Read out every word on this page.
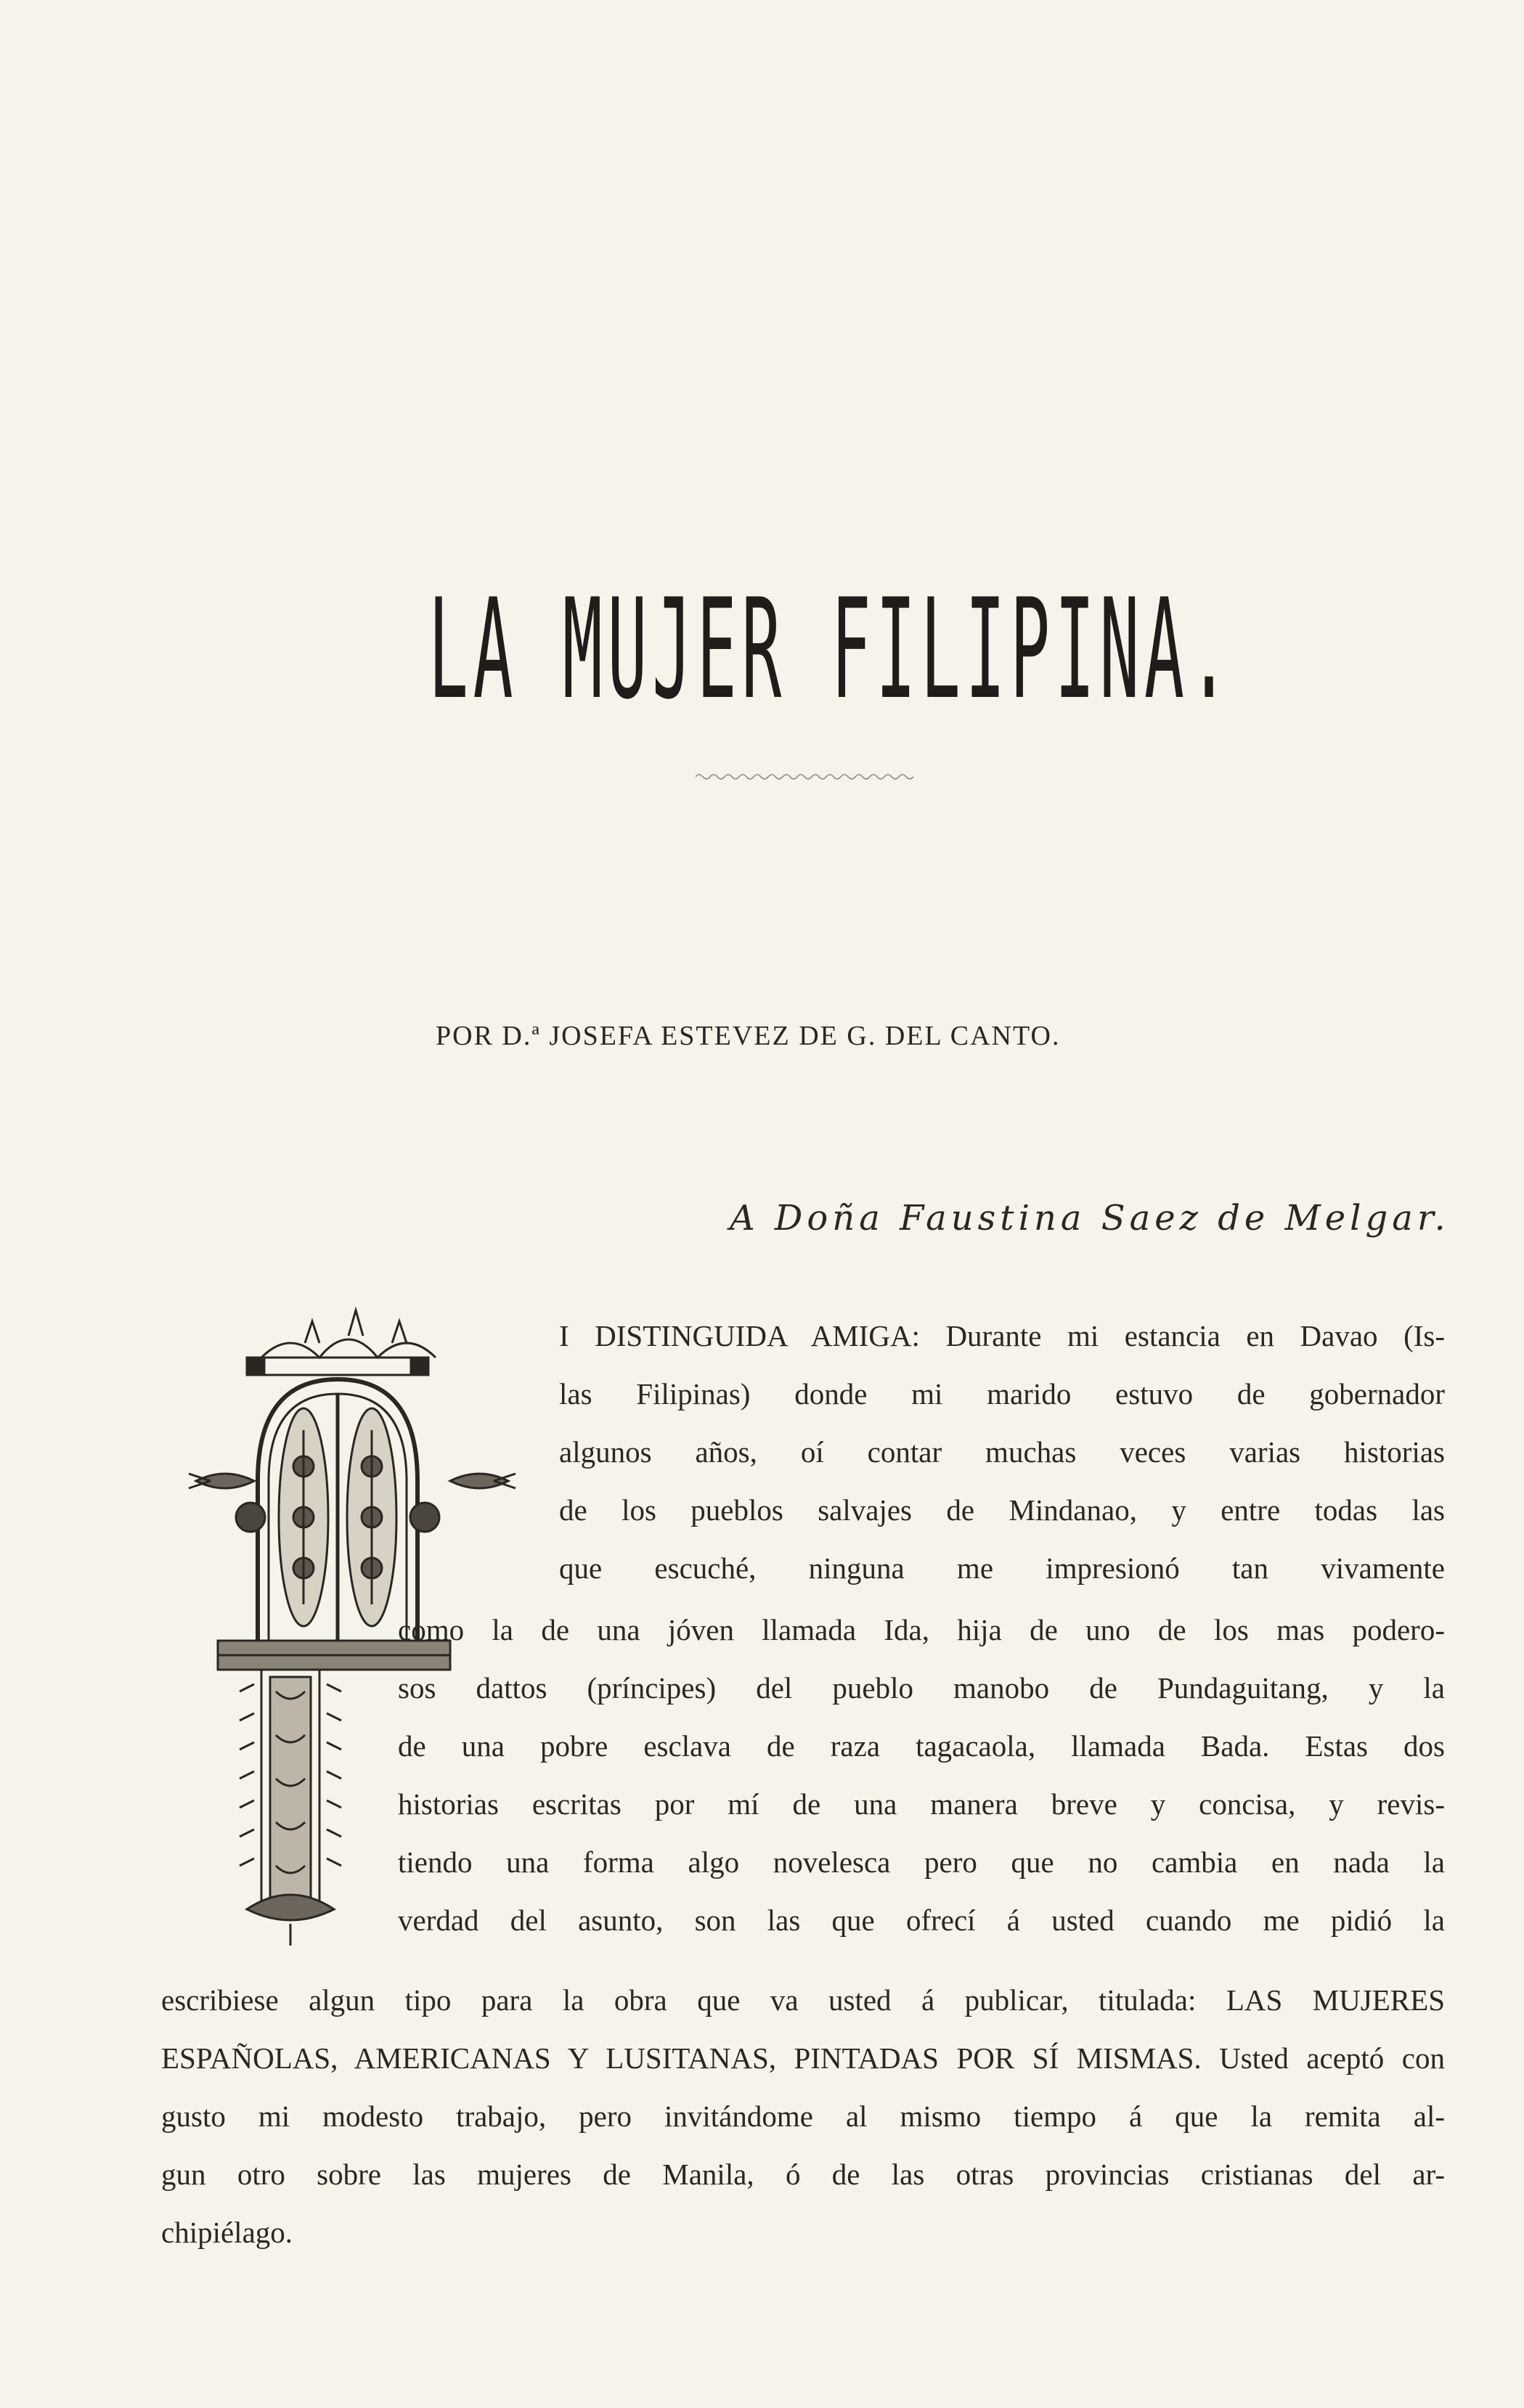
LA MUJER FILIPINA.
POR D.ª JOSEFA ESTEVEZ DE G. DEL CANTO.
A Doña Faustina Saez de Melgar.
I DISTINGUIDA AMIGA: Durante mi estancia en Davao (Is-
las Filipinas) donde mi marido estuvo de gobernador
algunos años, oí contar muchas veces varias historias
de los pueblos salvajes de Mindanao, y entre todas las
que escuché, ninguna me impresionó tan vivamente
como la de una jóven llamada Ida, hija de uno de los mas podero-
sos dattos (príncipes) del pueblo manobo de Pundaguitang, y la
de una pobre esclava de raza tagacaola, llamada Bada. Estas dos
historias escritas por mí de una manera breve y concisa, y revis-
tiendo una forma algo novelesca pero que no cambia en nada la
verdad del asunto, son las que ofrecí á usted cuando me pidió la
escribiese algun tipo para la obra que va usted á publicar, titulada: LAS MUJERES
ESPAÑOLAS, AMERICANAS Y LUSITANAS, PINTADAS POR SÍ MISMAS. Usted aceptó con
gusto mi modesto trabajo, pero invitándome al mismo tiempo á que la remita al-
gun otro sobre las mujeres de Manila, ó de las otras provincias cristianas del ar-
chipiélago.
